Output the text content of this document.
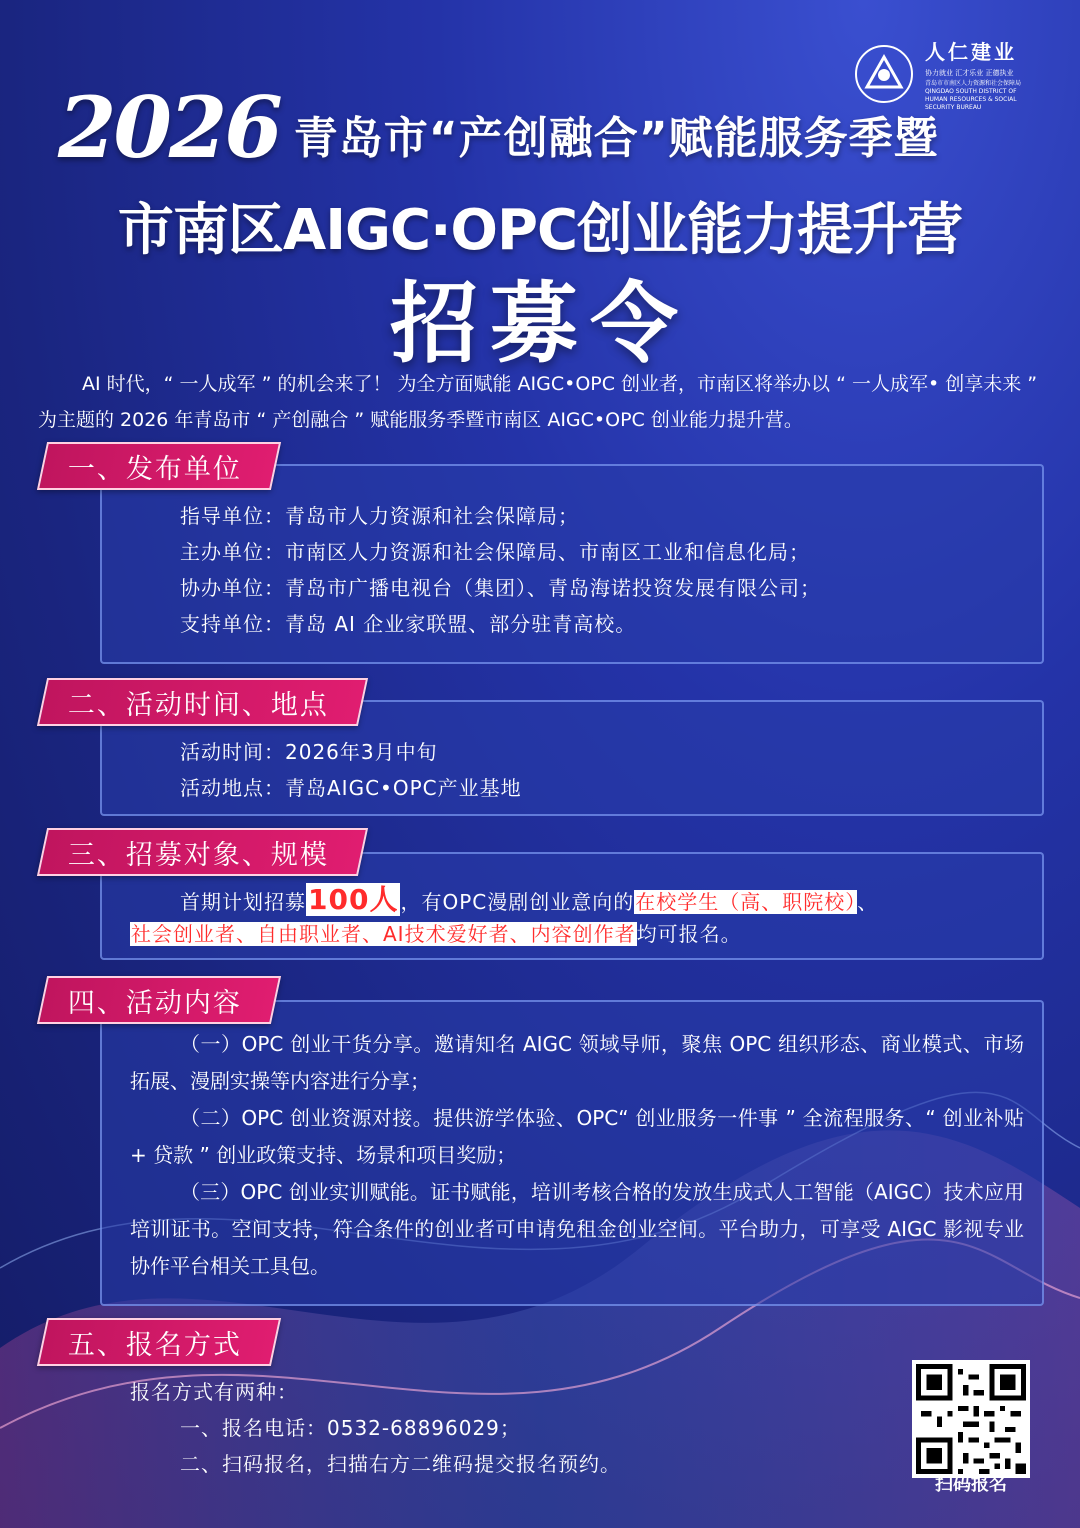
人仁建业
协力就业 汇才乐业 正德执业
青岛市市南区人力资源和社会保障局 QINGDAO SOUTH DISTRICT OF HUMAN RESOURCES & SOCIAL SECURITY BUREAU
2026 青岛市“产创融合”赋能服务季暨
市南区AIGC·OPC创业能力提升营
招募令
AI 时代，“ 一人成军 ” 的机会来了！ 为全方面赋能 AIGC•OPC 创业者，市南区将举办以 “ 一人成军• 创享未来 ” 为主题的 2026 年青岛市 “ 产创融合 ” 赋能服务季暨市南区 AIGC•OPC 创业能力提升营。
一、发布单位
指导单位：青岛市人力资源和社会保障局；
主办单位：市南区人力资源和社会保障局、市南区工业和信息化局；
协办单位：青岛市广播电视台（集团）、青岛海诺投资发展有限公司；
支持单位：青岛 AI 企业家联盟、部分驻青高校。
二、活动时间、地点
活动时间：2026年3月中旬
活动地点：青岛AIGC•OPC产业基地
三、招募对象、规模
首期计划招募100人 ，有OPC漫剧创业意向的在校学生（高、职院校）、
社会创业者、自由职业者、AI技术爱好者、内容创作者均可报名。
四、活动内容
（一）OPC 创业干货分享。邀请知名 AIGC 领域导师，聚焦 OPC 组织形态、商业模式、市场拓展、漫剧实操等内容进行分享；
（二）OPC 创业资源对接。提供游学体验、OPC“ 创业服务一件事 ” 全流程服务、“ 创业补贴 + 贷款 ” 创业政策支持、场景和项目奖励；
（三）OPC 创业实训赋能。证书赋能，培训考核合格的发放生成式人工智能（AIGC）技术应用培训证书。空间支持，符合条件的创业者可申请免租金创业空间。平台助力，可享受 AIGC 影视专业协作平台相关工具包。
五、报名方式
报名方式有两种：
一、报名电话：0532-68896029；
二、扫码报名，扫描右方二维码提交报名预约。
扫码报名
